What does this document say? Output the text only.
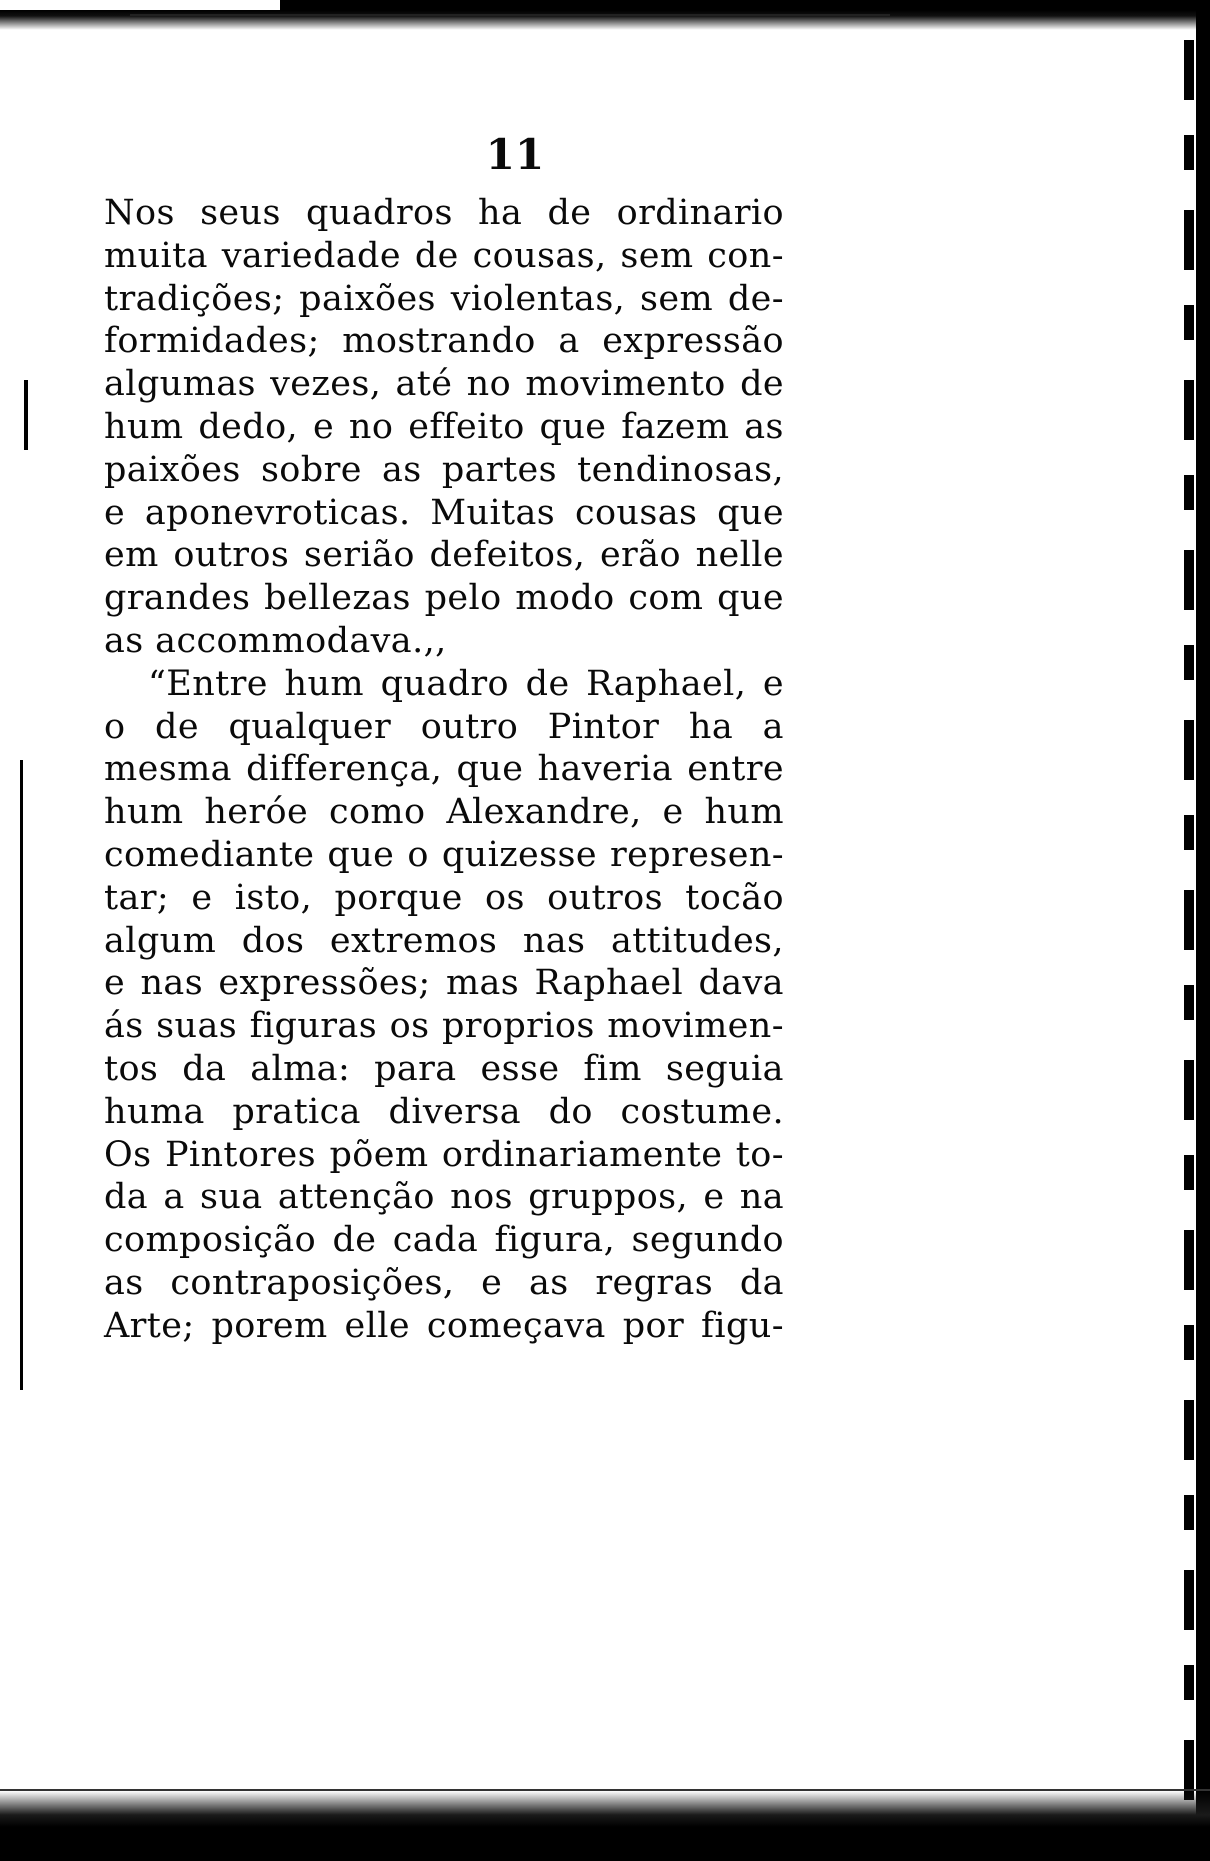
11
Nos seus quadros ha de ordinario
muita variedade de cousas, sem con-
tradições; paixões violentas, sem de-
formidades; mostrando a expressão
algumas vezes, até no movimento de
hum dedo, e no effeito que fazem as
paixões sobre as partes tendinosas,
e aponevroticas. Muitas cousas que
em outros serião defeitos, erão nelle
grandes bellezas pelo modo com que
as
accommodava.,,
“Entre hum quadro de Raphael, e
o de qualquer outro Pintor ha a
mesma differença, que haveria entre
hum heróe como Alexandre, e hum
comediante que o quizesse represen-
tar; e isto, porque os outros tocão
algum dos extremos nas attitudes,
e nas expressões; mas Raphael dava
ás suas figuras os proprios movimen-
tos da alma: para esse fim seguia
huma pratica diversa do costume.
Os Pintores põem ordinariamente to-
da a sua attenção nos gruppos, e na
composição de cada figura, segundo
as contraposições, e as regras da
Arte; porem elle começava por figu-
